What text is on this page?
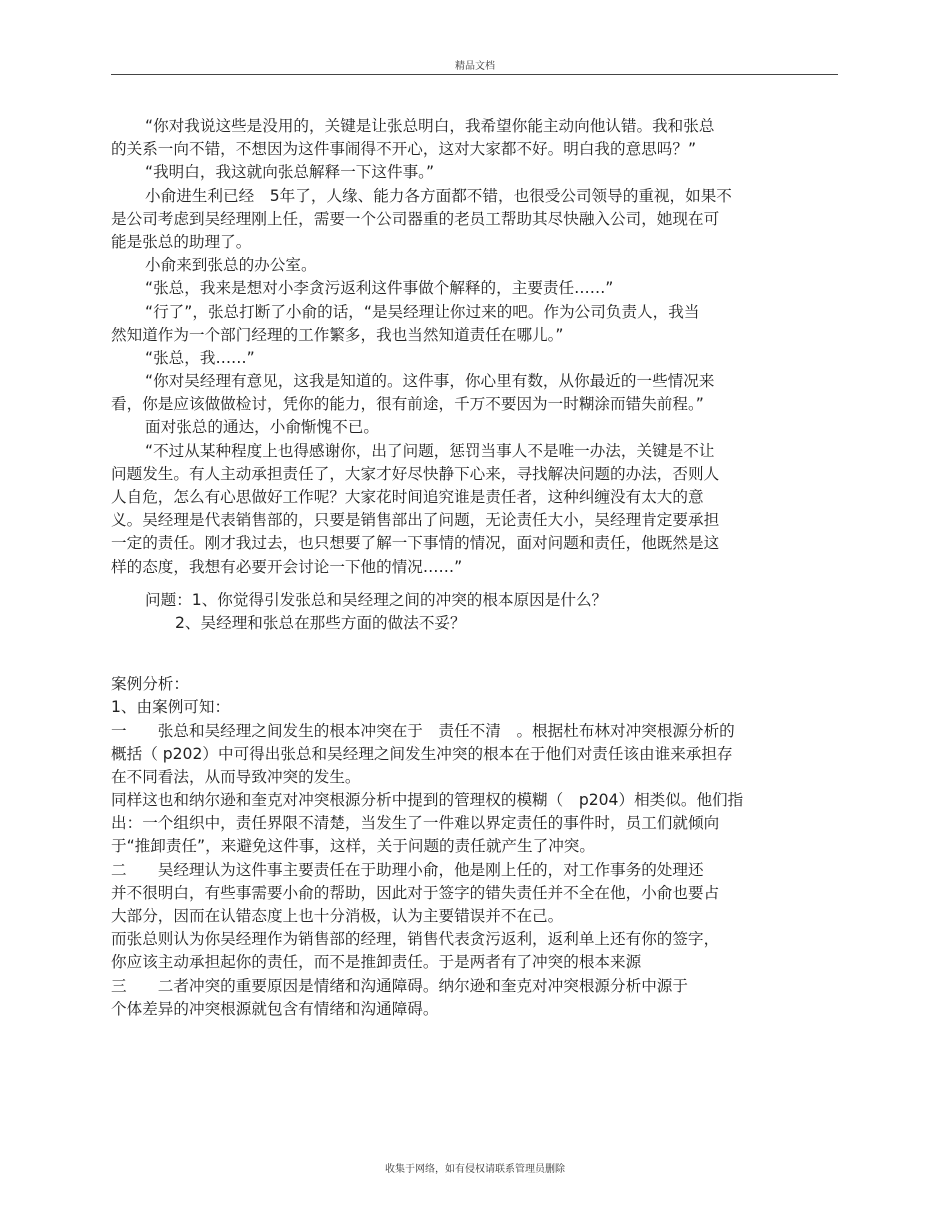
精品文档
“你对我说这些是没用的，关键是让张总明白，我希望你能主动向他认错。我和张总
的关系一向不错，不想因为这件事闹得不开心，这对大家都不好。明白我的意思吗？”
“我明白，我这就向张总解释一下这件事。”
小俞进生利已经　5年了，人缘、能力各方面都不错，也很受公司领导的重视，如果不
是公司考虑到吴经理刚上任，需要一个公司器重的老员工帮助其尽快融入公司，她现在可
能是张总的助理了。
小俞来到张总的办公室。
“张总，我来是想对小李贪污返利这件事做个解释的，主要责任……”
“行了”，张总打断了小俞的话，“是吴经理让你过来的吧。作为公司负责人，我当
然知道作为一个部门经理的工作繁多，我也当然知道责任在哪儿。”
“张总，我……”
“你对吴经理有意见，这我是知道的。这件事，你心里有数，从你最近的一些情况来
看，你是应该做做检讨，凭你的能力，很有前途，千万不要因为一时糊涂而错失前程。”
面对张总的通达，小俞惭愧不已。
“不过从某种程度上也得感谢你，出了问题，惩罚当事人不是唯一办法，关键是不让
问题发生。有人主动承担责任了，大家才好尽快静下心来，寻找解决问题的办法，否则人
人自危，怎么有心思做好工作呢？大家花时间追究谁是责任者，这种纠缠没有太大的意
义。吴经理是代表销售部的，只要是销售部出了问题，无论责任大小，吴经理肯定要承担
一定的责任。刚才我过去，也只想要了解一下事情的情况，面对问题和责任，他既然是这
样的态度，我想有必要开会讨论一下他的情况……”
问题：1、你觉得引发张总和吴经理之间的冲突的根本原因是什么？
2、吴经理和张总在那些方面的做法不妥？
案例分析：
1、由案例可知：
一　　张总和吴经理之间发生的根本冲突在于　责任不清　。根据杜布林对冲突根源分析的
概括（ p202）中可得出张总和吴经理之间发生冲突的根本在于他们对责任该由谁来承担存
在不同看法，从而导致冲突的发生。
同样这也和纳尔逊和奎克对冲突根源分析中提到的管理权的模糊（　p204）相类似。他们指
出：一个组织中，责任界限不清楚，当发生了一件难以界定责任的事件时，员工们就倾向
于“推卸责任”，来避免这件事，这样，关于问题的责任就产生了冲突。
二　　吴经理认为这件事主要责任在于助理小俞，他是刚上任的，对工作事务的处理还
并不很明白，有些事需要小俞的帮助，因此对于签字的错失责任并不全在他，小俞也要占
大部分，因而在认错态度上也十分消极，认为主要错误并不在己。
而张总则认为你吴经理作为销售部的经理，销售代表贪污返利，返利单上还有你的签字，
你应该主动承担起你的责任，而不是推卸责任。于是两者有了冲突的根本来源
三　　二者冲突的重要原因是情绪和沟通障碍。纳尔逊和奎克对冲突根源分析中源于
个体差异的冲突根源就包含有情绪和沟通障碍。
收集于网络，如有侵权请联系管理员删除
